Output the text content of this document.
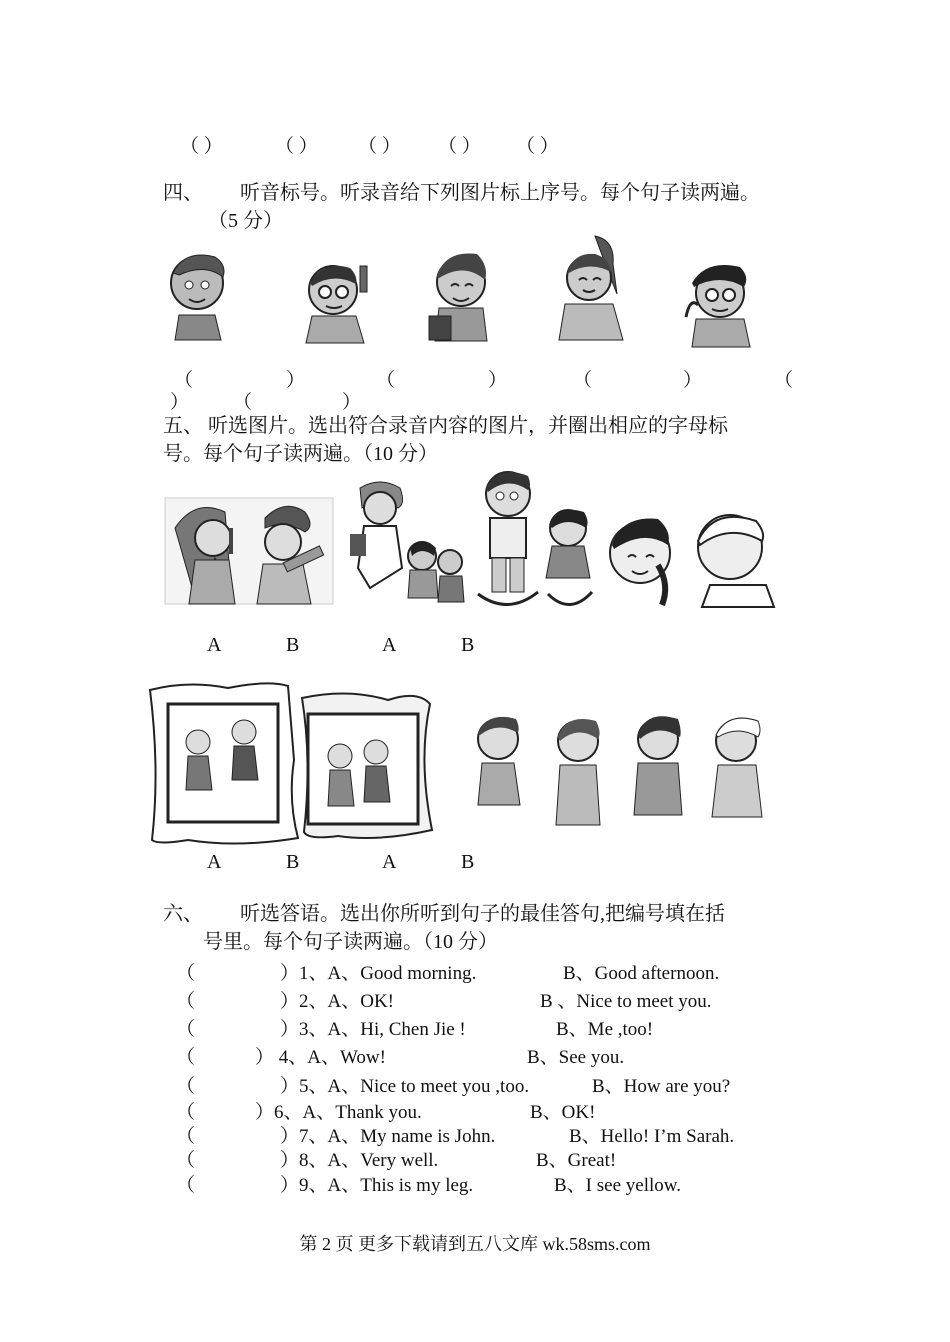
（ ）	（ ） （ ） （ ） （ ）
四、 听音标号。听录音给下列图片标上序号。每个句子读两遍。
（5 分）
（	）	（	）	（	）	（
） （	）
五、 听选图片。选出符合录音内容的图片，并圈出相应的字母标
号。每个句子读两遍。（10 分）
A	B	A	B
A	B	A	B
六、 听选答语。选出你所听到句子的最佳答句,把编号填在括
号里。每个句子读两遍。（10 分）
（	）1、A、Good morning.	B、Good afternoon.
（	）2、A、OK!	B 、Nice to meet you.
（	）3、A、Hi, Chen Jie !	B、Me ,too!
（	） 4、A、Wow!	B、See you.
（	）5、A、Nice to meet you ,too.	B、How are you?
（	）6、A、Thank you.	B、OK!
（	）7、A、My name is John.	B、Hello! I’m Sarah.
（	）8、A、Very well.	B、Great!
（	）9、A、This is my leg.	B、I see yellow.
第 2 页 更多下载请到五八文库 wk.58sms.com
